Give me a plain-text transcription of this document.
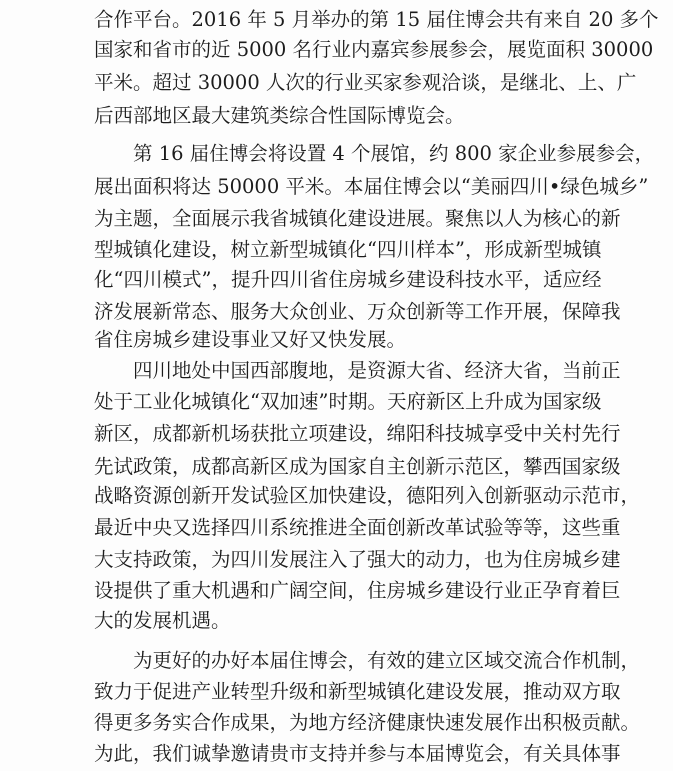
合作平台。2016 年 5 月举办的第 15 届住博会共有来自 20 多个
国家和省市的近 5000 名行业内嘉宾参展参会，展览面积 30000
平米。超过 30000 人次的行业买家参观洽谈，是继北、上、广
后西部地区最大建筑类综合性国际博览会。
第 16 届住博会将设置 4 个展馆，约 800 家企业参展参会，
展出面积将达 50000 平米。本届住博会以“美丽四川•绿色城乡”
为主题，全面展示我省城镇化建设进展。聚焦以人为核心的新
型城镇化建设，树立新型城镇化“四川样本”，形成新型城镇
化“四川模式”，提升四川省住房城乡建设科技水平，适应经
济发展新常态、服务大众创业、万众创新等工作开展，保障我
省住房城乡建设事业又好又快发展。
四川地处中国西部腹地，是资源大省、经济大省，当前正
处于工业化城镇化“双加速”时期。天府新区上升成为国家级
新区，成都新机场获批立项建设，绵阳科技城享受中关村先行
先试政策，成都高新区成为国家自主创新示范区，攀西国家级
战略资源创新开发试验区加快建设，德阳列入创新驱动示范市，
最近中央又选择四川系统推进全面创新改革试验等等，这些重
大支持政策，为四川发展注入了强大的动力，也为住房城乡建
设提供了重大机遇和广阔空间，住房城乡建设行业正孕育着巨
大的发展机遇。
为更好的办好本届住博会，有效的建立区域交流合作机制，
致力于促进产业转型升级和新型城镇化建设发展，推动双方取
得更多务实合作成果，为地方经济健康快速发展作出积极贡献。
为此，我们诚挚邀请贵市支持并参与本届博览会，有关具体事
